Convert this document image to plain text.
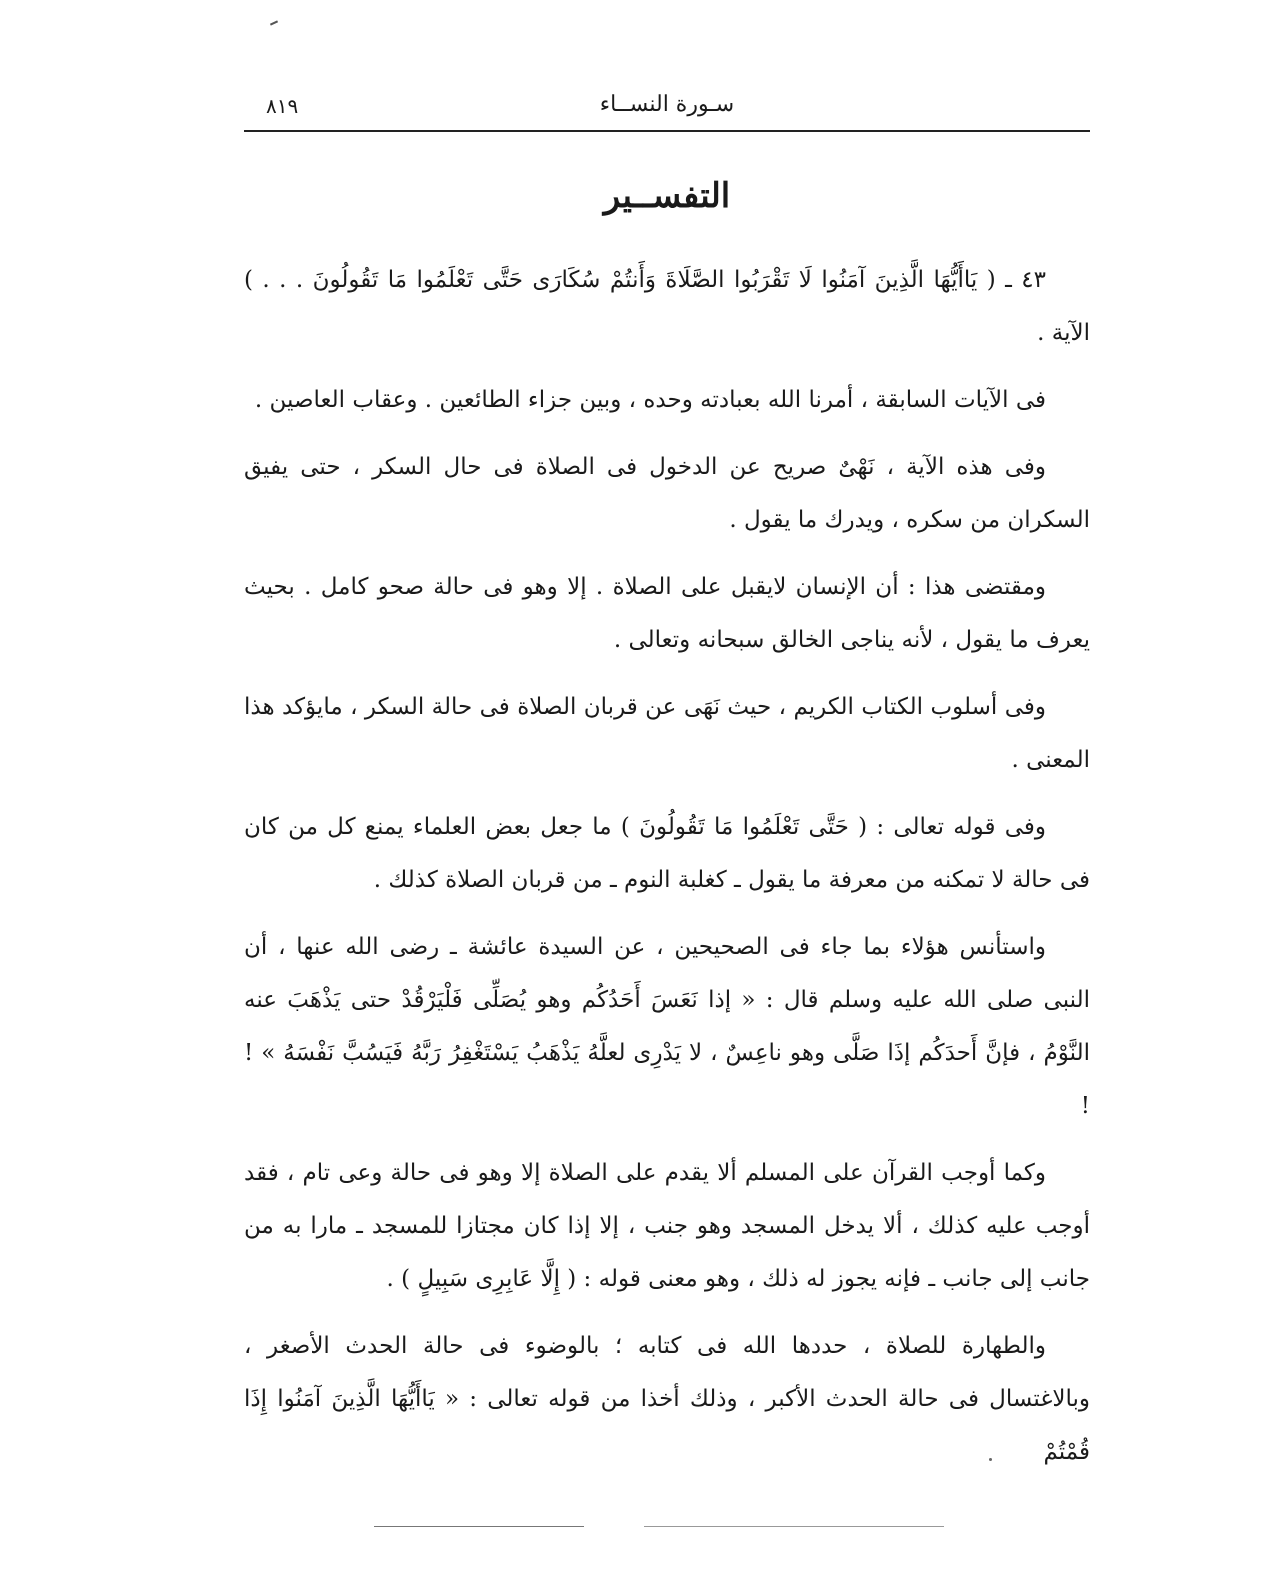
سـورة النســاء
٨١٩
التفســير

٤٣ ـ ( يَاأَيُّهَا الَّذِينَ آمَنُوا لَا تَقْرَبُوا الصَّلَاةَ وَأَنتُمْ سُكَارَى حَتَّى تَعْلَمُوا مَا تَقُولُونَ . . . ) الآية .

فى الآيات السابقة ، أمرنا الله بعبادته وحده ، وبين جزاء الطائعين . وعقاب العاصين .

وفى هذه الآية ، نَهْىٌ صريح عن الدخول فى الصلاة فى حال السكر ، حتى يفيق السكران من سكره ، ويدرك ما يقول .

ومقتضى هذا : أن الإنسان لايقبل على الصلاة . إلا وهو فى حالة صحو كامل . بحيث يعرف ما يقول ، لأنه يناجى الخالق سبحانه وتعالى .

وفى أسلوب الكتاب الكريم ، حيث نَهَى عن قربان الصلاة فى حالة السكر ، مايؤكد هذا المعنى .

وفى قوله تعالى : ( حَتَّى تَعْلَمُوا مَا تَقُولُونَ ) ما جعل بعض العلماء يمنع كل من كان فى حالة لا تمكنه من معرفة ما يقول ـ كغلبة النوم ـ من قربان الصلاة كذلك .

واستأنس هؤلاء بما جاء فى الصحيحين ، عن السيدة عائشة ـ رضى الله عنها ، أن النبى صلى الله عليه وسلم قال : « إذا نَعَسَ أَحَدُكُم وهو يُصَلِّى فَلْيَرْقُدْ حتى يَذْهَبَ عنه النَّوْمُ ، فإنَّ أَحدَكُم إذَا صَلَّى وهو ناعِسٌ ، لا يَدْرِى لعلَّهُ يَذْهَبُ يَسْتَغْفِرُ رَبَّهُ فَيَسُبَّ نَفْسَهُ » ! !

وكما أوجب القرآن على المسلم ألا يقدم على الصلاة إلا وهو فى حالة وعى تام ، فقد أوجب عليه كذلك ، ألا يدخل المسجد وهو جنب ، إلا إذا كان مجتازا للمسجد ـ مارا به من جانب إلى جانب ـ فإنه يجوز له ذلك ، وهو معنى قوله : ( إِلَّا عَابِرِى سَبِيلٍ ) .

والطهارة للصلاة ، حددها الله فى كتابه ؛ بالوضوء فى حالة الحدث الأصغر ، وبالاغتسال فى حالة الحدث الأكبر ، وذلك أخذا من قوله تعالى : « يَاأَيُّهَا الَّذِينَ آمَنُوا إِذَا قُمْتُمْ
